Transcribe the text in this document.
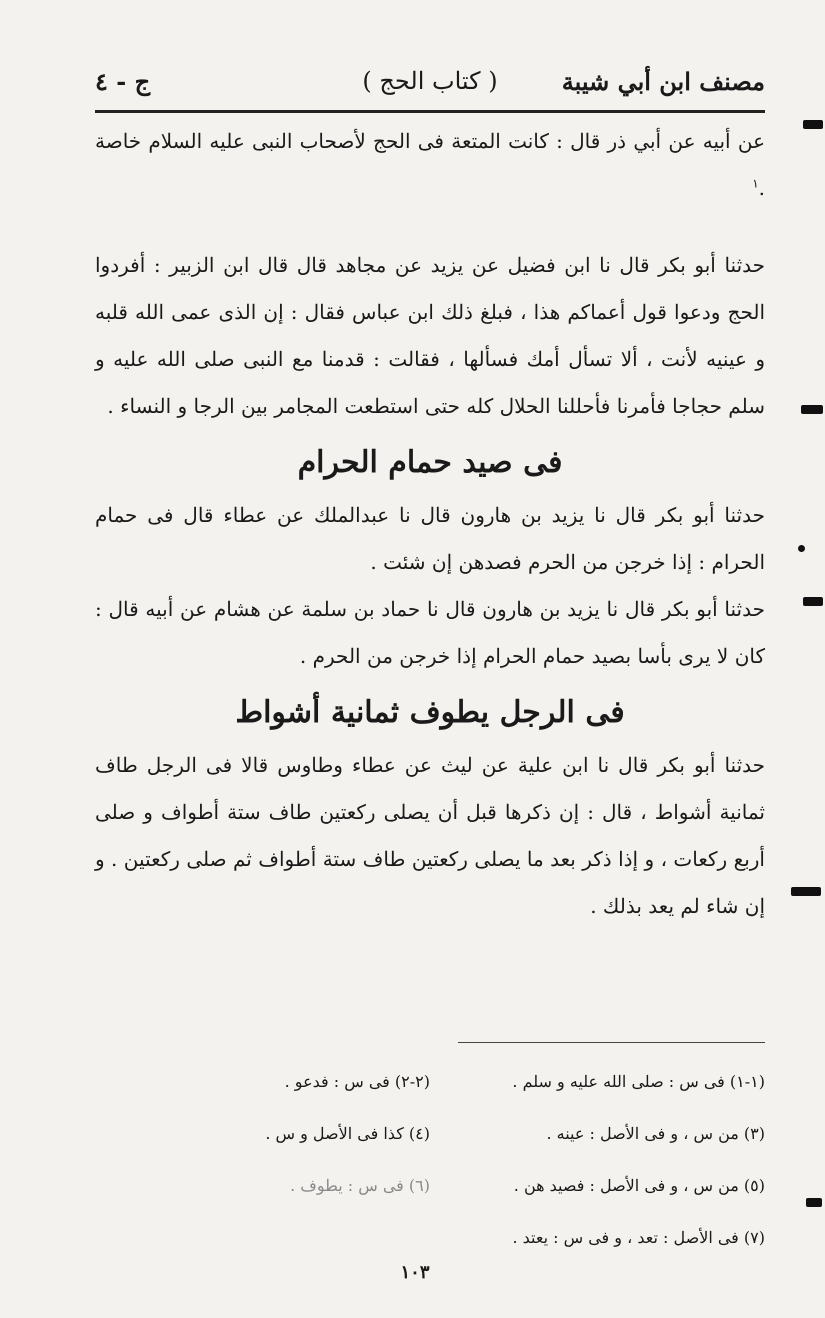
مصنف ابن أبي شيبة
( كتاب الحج )
ج - ٤

عن أبيه عن أبي ذر قال : كانت المتعة فى الحج لأصحاب النبى عليه السلام خاصة .$^١$

حدثنا أبو بكر قال نا ابن فضيل عن يزيد عن مجاهد قال قال ابن الزبير : أفردوا الحج ودعوا قول أعماكم هذا ، فبلغ ذلك ابن عباس فقال : إن الذى عمى الله قلبه و عينيه لأنت ، ألا تسأل أمك فسألها ، فقالت : قدمنا مع النبى صلى الله عليه و سلم حجاجا فأمرنا فأحللنا الحلال كله حتى استطعت المجامر بين الرجا و النساء .

فى صيد حمام الحرام

حدثنا أبو بكر قال نا يزيد بن هارون قال نا عبدالملك عن عطاء قال فى حمام الحرام : إذا خرجن من الحرم فصدهن إن شئت .

حدثنا أبو بكر قال نا يزيد بن هارون قال نا حماد بن سلمة عن هشام عن أبيه قال : كان لا يرى بأسا بصيد حمام الحرام إذا خرجن من الحرم .

فى الرجل يطوف ثمانية أشواط

حدثنا أبو بكر قال نا ابن علية عن ليث عن عطاء وطاوس قالا فى الرجل طاف ثمانية أشواط ، قال : إن ذكرها قبل أن يصلى ركعتين طاف ستة أطواف و صلى أربع ركعات ، و إذا ذكر بعد ما يصلى ركعتين طاف ستة أطواف ثم صلى ركعتين . و إن شاء لم يعد بذلك .

(١-١) فى س : صلى الله عليه و سلم .
(٢-٢) فى س : فدعو .
(٣) من س ، و فى الأصل : عينه .
(٤) كذا فى الأصل و س .
(٥) من س ، و فى الأصل : فصيد هن .
(٦) فى س : يطوف .
(٧) فى الأصل : تعد ، و فى س : يعتد .
١٠٣
